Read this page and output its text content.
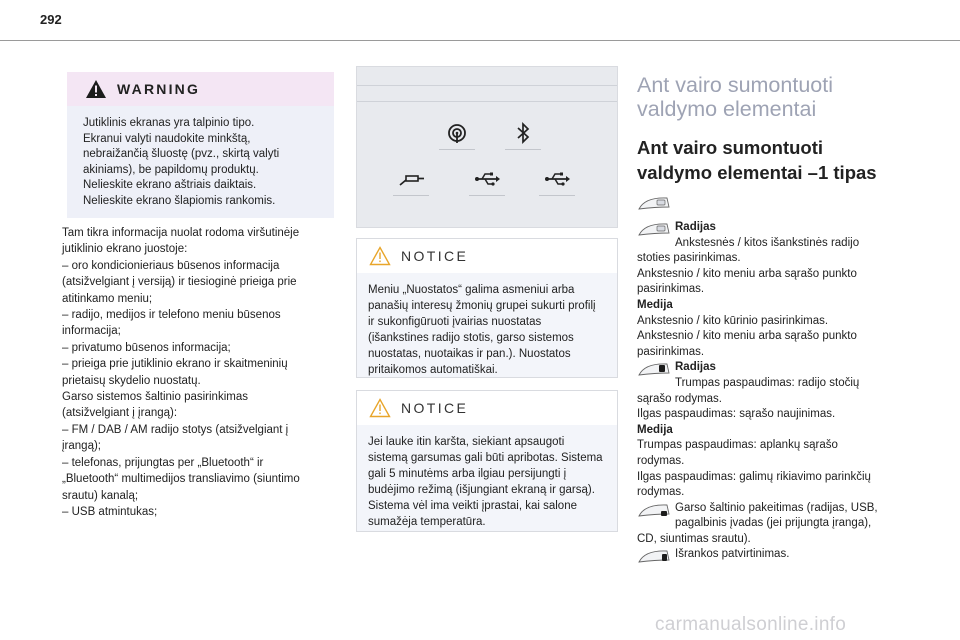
292
WARNING

Jutiklinis ekranas yra talpinio tipo.

Ekranui valyti naudokite minkštą,

nebraižančią šluostę (pvz., skirtą valyti

akiniams), be papildomų produktų.

Nelieskite ekrano aštriais daiktais.

Nelieskite ekrano šlapiomis rankomis.

Tam tikra informacija nuolat rodoma viršutinėje

jutiklinio ekrano juostoje:

– oro kondicionieriaus būsenos informacija

(atsižvelgiant į versiją) ir tiesioginė prieiga prie

atitinkamo meniu;

– radijo, medijos ir telefono meniu būsenos

informacija;

– privatumo būsenos informacija;

– prieiga prie jutiklinio ekrano ir skaitmeninių

prietaisų skydelio nuostatų.

Garso sistemos šaltinio pasirinkimas

(atsižvelgiant į įrangą):

– FM / DAB / AM radijo stotys (atsižvelgiant į

įrangą);

– telefonas, prijungtas per „Bluetooth“ ir

„Bluetooth“ multimedijos transliavimo (siuntimo

srautu) kanalą;

– USB atmintukas;

NOTICE

Meniu „Nuostatos“ galima asmeniui arba

panašių interesų žmonių grupei sukurti profilį

ir sukonfigūruoti įvairias nuostatas

(išankstines radijo stotis, garso sistemos

nuostatas, nuotaikas ir pan.). Nuostatos

pritaikomos automatiškai.

NOTICE

Jei lauke itin karšta, siekiant apsaugoti

sistemą garsumas gali būti apribotas. Sistema

gali 5 minutėms arba ilgiau persijungti į

budėjimo režimą (išjungiant ekraną ir garsą).

Sistema vėl ima veikti įprastai, kai salone

sumažėja temperatūra.

Ant vairo sumontuoti
valdymo elementai
Ant vairo sumontuoti
valdymo elementai –1 tipas

Radijas

Ankstesnės / kitos išankstinės radijo

stoties pasirinkimas.

Ankstesnio / kito meniu arba sąrašo punkto

pasirinkimas.

Medija

Ankstesnio / kito kūrinio pasirinkimas.

Ankstesnio / kito meniu arba sąrašo punkto

pasirinkimas.

Radijas

Trumpas paspaudimas: radijo stočių

sąrašo rodymas.

Ilgas paspaudimas: sąrašo naujinimas.

Medija

Trumpas paspaudimas: aplankų sąrašo

rodymas.

Ilgas paspaudimas: galimų rikiavimo parinkčių

rodymas.

Garso šaltinio pakeitimas (radijas, USB,

pagalbinis įvadas (jei prijungta įranga),

CD, siuntimas srautu).

Išrankos patvirtinimas.

carmanualsonline.info
